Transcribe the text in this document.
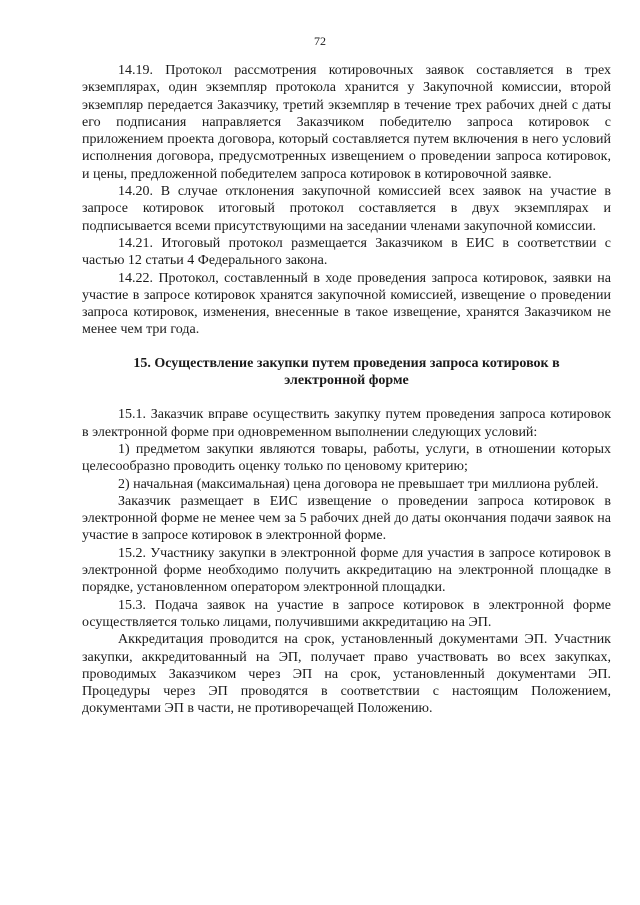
72

14.19. Протокол рассмотрения котировочных заявок составляется в трех экземплярах, один экземпляр протокола хранится у Закупочной комиссии, второй экземпляр передается Заказчику, третий экземпляр в течение трех рабочих дней с даты его подписания направляется Заказчиком победителю запроса котировок с приложением проекта договора, который составляется путем включения в него условий исполнения договора, предусмотренных извещением о проведении запроса котировок, и цены, предложенной победителем запроса котировок в котировочной заявке.

14.20. В случае отклонения закупочной комиссией всех заявок на участие в запросе котировок итоговый протокол составляется в двух экземплярах и подписывается всеми присутствующими на заседании членами закупочной комиссии.

14.21. Итоговый протокол размещается Заказчиком в ЕИС в соответствии с частью 12 статьи 4 Федерального закона.

14.22. Протокол, составленный в ходе проведения запроса котировок, заявки на участие в запросе котировок хранятся закупочной комиссией, извещение о проведении запроса котировок, изменения, внесенные в такое извещение, хранятся Заказчиком не менее чем три года.

15. Осуществление закупки путем проведения запроса котировок в
электронной форме

15.1. Заказчик вправе осуществить закупку путем проведения запроса котировок в электронной форме при одновременном выполнении следующих условий:

1) предметом закупки являются товары, работы, услуги, в отношении которых целесообразно проводить оценку только по ценовому критерию;

2) начальная (максимальная) цена договора не превышает три миллиона рублей.

Заказчик размещает в ЕИС извещение о проведении запроса котировок в электронной форме не менее чем за 5 рабочих дней до даты окончания подачи заявок на участие в запросе котировок в электронной форме.

15.2. Участнику закупки в электронной форме для участия в запросе котировок в электронной форме необходимо получить аккредитацию на электронной площадке в порядке, установленном оператором электронной площадки.

15.3. Подача заявок на участие в запросе котировок в электронной форме осуществляется только лицами, получившими аккредитацию на ЭП.

Аккредитация проводится на срок, установленный документами ЭП. Участник закупки, аккредитованный на ЭП, получает право участвовать во всех закупках, проводимых Заказчиком через ЭП на срок, установленный документами ЭП. Процедуры через ЭП проводятся в соответствии с настоящим Положением, документами ЭП в части, не противоречащей Положению.
